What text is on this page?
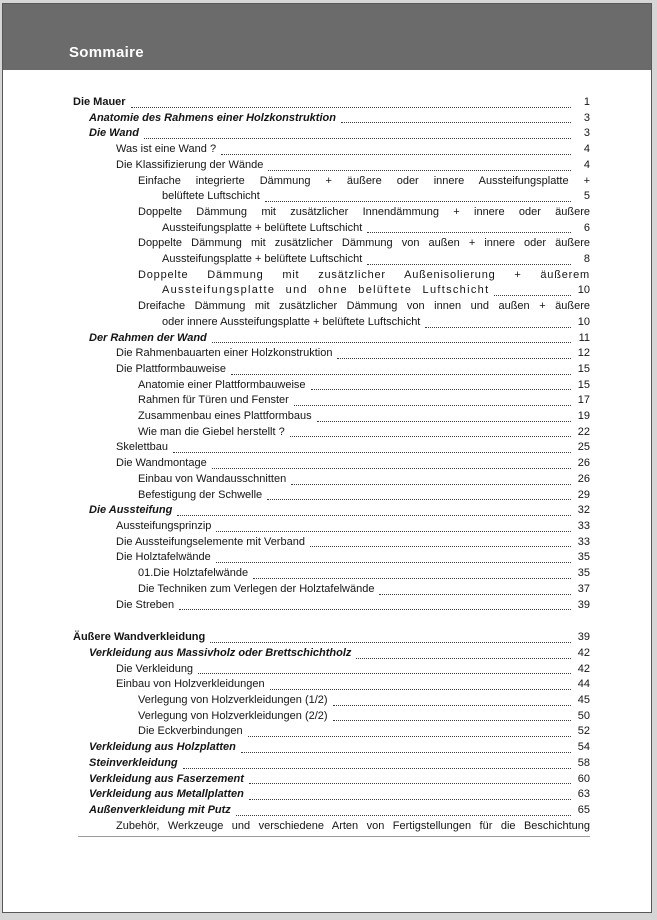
Sommaire
Die Mauer	1
Anatomie des Rahmens einer Holzkonstruktion	3
Die Wand	3
Was ist eine Wand ?	4
Die Klassifizierung der Wände	4
Einfache integrierte Dämmung + äußere oder innere Aussteifungsplatte +
belüftete Luftschicht	5
Doppelte Dämmung mit zusätzlicher Innendämmung + innere oder äußere
Aussteifungsplatte + belüftete Luftschicht	6
Doppelte Dämmung mit zusätzlicher Dämmung von außen + innere oder äußere
Aussteifungsplatte + belüftete Luftschicht	8
Doppelte Dämmung mit zusätzlicher Außenisolierung + äußerem
Aussteifungsplatte und ohne belüftete Luftschicht	10
Dreifache Dämmung mit zusätzlicher Dämmung von innen und außen + äußere
oder innere Aussteifungsplatte + belüftete Luftschicht	10
Der Rahmen der Wand	11
Die Rahmenbauarten einer Holzkonstruktion	12
Die Plattformbauweise	15
Anatomie einer Plattformbauweise	15
Rahmen für Türen und Fenster	17
Zusammenbau eines Plattformbaus	19
Wie man die Giebel herstellt ?	22
Skelettbau	25
Die Wandmontage	26
Einbau von Wandausschnitten	26
Befestigung der Schwelle	29
Die Aussteifung	32
Aussteifungsprinzip	33
Die Aussteifungselemente mit Verband	33
Die Holztafelwände	35
01.Die Holztafelwände	35
Die Techniken zum Verlegen der Holztafelwände	37
Die Streben	39
Äußere Wandverkleidung	39
Verkleidung aus Massivholz oder Brettschichtholz	42
Die Verkleidung	42
Einbau von Holzverkleidungen	44
Verlegung von Holzverkleidungen (1/2)	45
Verlegung von Holzverkleidungen (2/2)	50
Die Eckverbindungen	52
Verkleidung aus Holzplatten	54
Steinverkleidung	58
Verkleidung aus Faserzement	60
Verkleidung aus Metallplatten	63
Außenverkleidung mit Putz	65
Zubehör, Werkzeuge und verschiedene Arten von Fertigstellungen für die Beschichtung
